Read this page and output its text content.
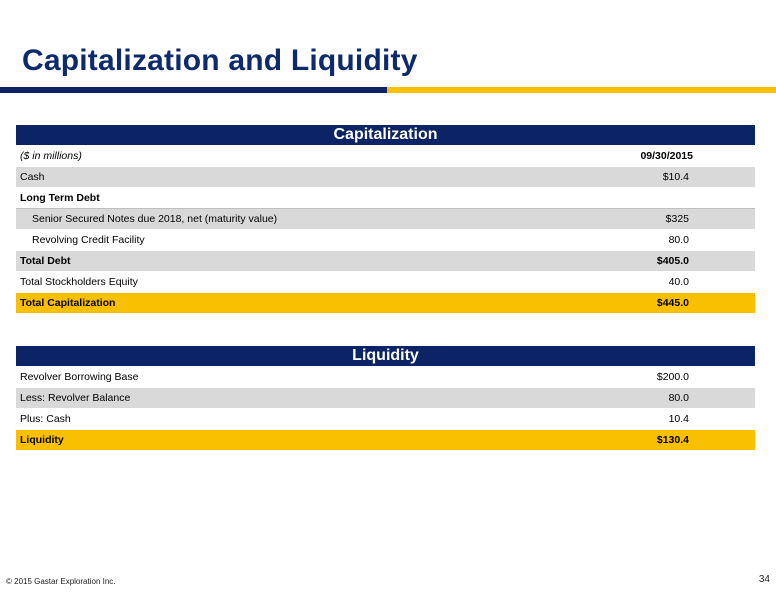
Capitalization and Liquidity
Capitalization	
($ in millions)	09/30/2015
Cash	$10.4
Long Term Debt	
Senior Secured Notes due 2018, net (maturity value)	$325
Revolving Credit Facility	80.0
Total Debt	$405.0
Total Stockholders Equity	40.0
Total Capitalization	$445.0
Liquidity	
Revolver Borrowing Base	$200.0
Less: Revolver Balance	80.0
Plus: Cash	10.4
Liquidity	$130.4
© 2015 Gastar Exploration Inc.	34
